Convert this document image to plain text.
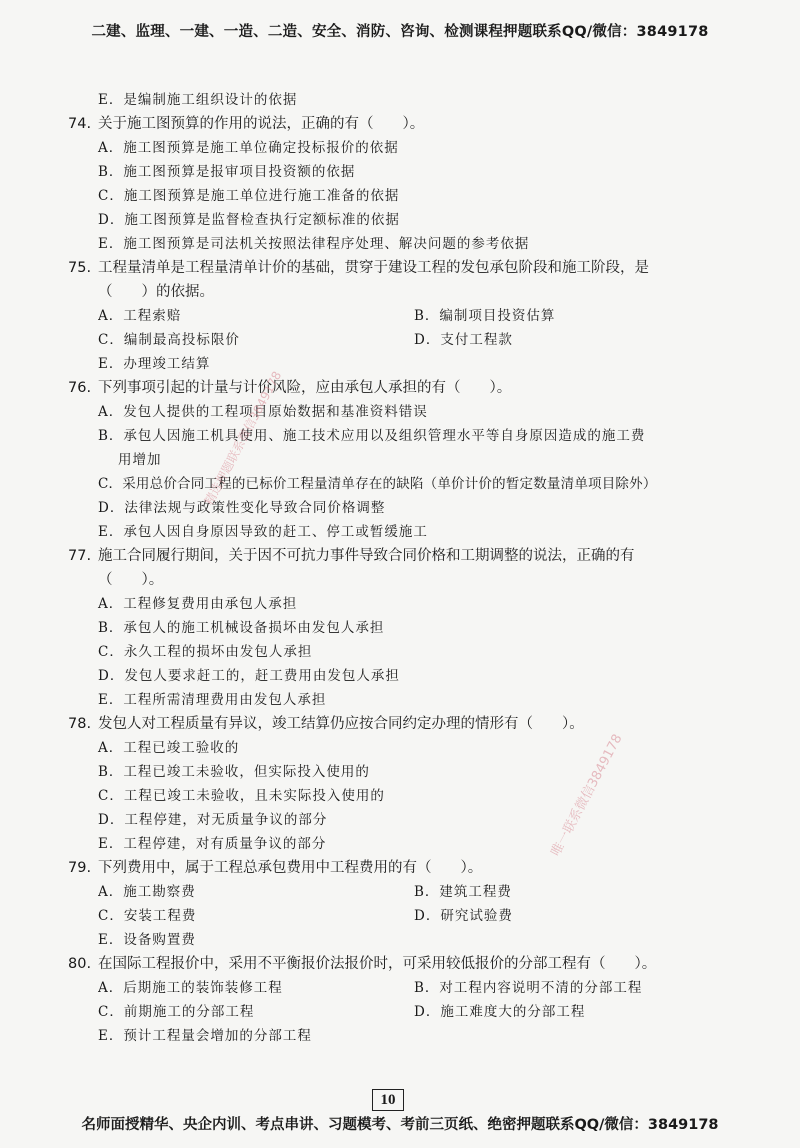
二建、监理、一建、一造、二造、安全、消防、咨询、检测课程押题联系QQ/微信：3849178
E．是编制施工组织设计的依据
74. 关于施工图预算的作用的说法，正确的有（　　）。
A．施工图预算是施工单位确定投标报价的依据
B．施工图预算是报审项目投资额的依据
C．施工图预算是施工单位进行施工准备的依据
D．施工图预算是监督检查执行定额标准的依据
E．施工图预算是司法机关按照法律程序处理、解决问题的参考依据
75. 工程量清单是工程量清单计价的基础，贯穿于建设工程的发包承包阶段和施工阶段，是
（　　）的依据。
A．工程索赔	B．编制项目投资估算
C．编制最高投标限价	D．支付工程款
E．办理竣工结算
76. 下列事项引起的计量与计价风险，应由承包人承担的有（　　）。
A．发包人提供的工程项目原始数据和基准资料错误
B．承包人因施工机具使用、施工技术应用以及组织管理水平等自身原因造成的施工费
用增加
C．采用总价合同工程的已标价工程量清单存在的缺陷（单价计价的暂定数量清单项目除外）
D．法律法规与政策性变化导致合同价格调整
E．承包人因自身原因导致的赶工、停工或暂缓施工
77. 施工合同履行期间，关于因不可抗力事件导致合同价格和工期调整的说法，正确的有
（　　）。
A．工程修复费用由承包人承担
B．承包人的施工机械设备损坏由发包人承担
C．永久工程的损坏由发包人承担
D．发包人要求赶工的，赶工费用由发包人承担
E．工程所需清理费用由发包人承担
78. 发包人对工程质量有异议，竣工结算仍应按合同约定办理的情形有（　　）。
A．工程已竣工验收的
B．工程已竣工未验收，但实际投入使用的
C．工程已竣工未验收，且未实际投入使用的
D．工程停建，对无质量争议的部分
E．工程停建，对有质量争议的部分
79. 下列费用中，属于工程总承包费用中工程费用的有（　　）。
A．施工勘察费	B．建筑工程费
C．安装工程费	D．研究试验费
E．设备购置费
80. 在国际工程报价中，采用不平衡报价法报价时，可采用较低报价的分部工程有（　　）。
A．后期施工的装饰装修工程	B．对工程内容说明不清的分部工程
C．前期施工的分部工程	D．施工难度大的分部工程
E．预计工程量会增加的分部工程
精选押题联系微信3849178
唯一联系微信3849178
10
名师面授精华、央企内训、考点串讲、习题模考、考前三页纸、绝密押题联系QQ/微信：3849178
